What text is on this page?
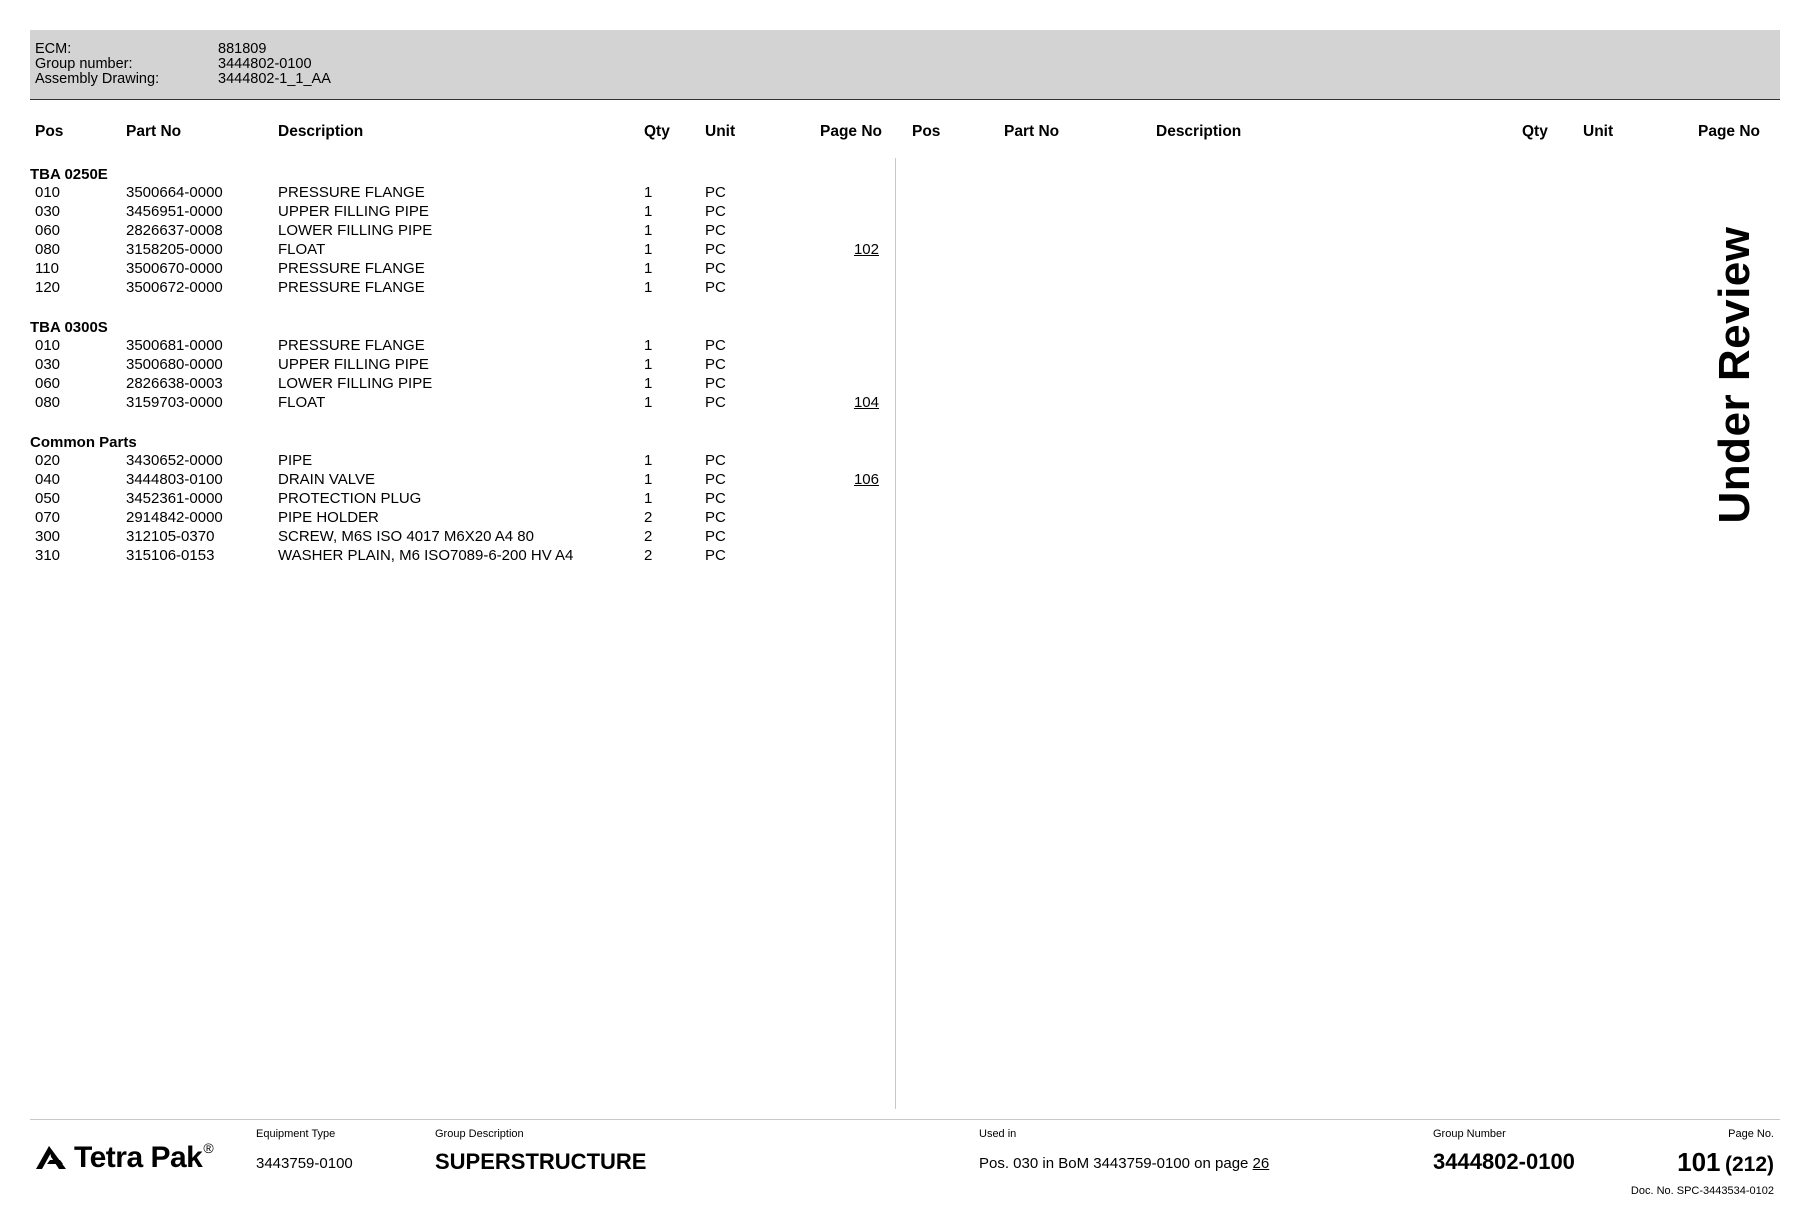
ECM:	881809
Group number:	3444802-0100
Assembly Drawing:	3444802-1_1_AA
Pos	Part No	Description	Qty Unit	Page No Pos	Part No	Description	Qty Unit	Page No
TBA 0250E
010	3500664-0000	PRESSURE FLANGE	1	PC
030	3456951-0000	UPPER FILLING PIPE	1	PC
060	2826637-0008	LOWER FILLING PIPE	1	PC
080	3158205-0000	FLOAT	1	PC	102
110	3500670-0000	PRESSURE FLANGE	1	PC
120	3500672-0000	PRESSURE FLANGE	1	PC
TBA 0300S
010	3500681-0000	PRESSURE FLANGE	1	PC
030	3500680-0000	UPPER FILLING PIPE	1	PC
060	2826638-0003	LOWER FILLING PIPE	1	PC
080	3159703-0000	FLOAT	1	PC	104
Common Parts
020	3430652-0000	PIPE	1	PC
040	3444803-0100	DRAIN VALVE	1	PC	106
050	3452361-0000	PROTECTION PLUG	1	PC
070	2914842-0000	PIPE HOLDER	2	PC
300	312105-0370	SCREW, M6S ISO 4017 M6X20 A4 80	2	PC
310	315106-0153	WASHER PLAIN, M6 ISO7089-6-200 HV A4	2	PC
Under Review
Tetra Pak®
Equipment Type
3443759-0100
Group Description
SUPERSTRUCTURE
Used in
Pos. 030 in BoM 3443759-0100 on page 26
Group Number
3444802-0100
Page No.
101 (212)
Doc. No. SPC-3443534-0102
